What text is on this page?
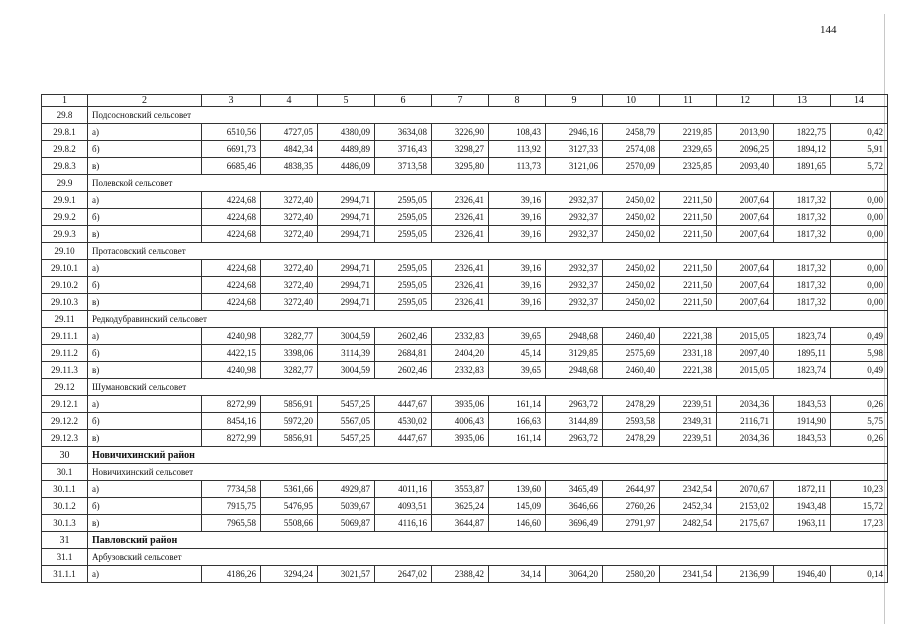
144
1	2	3	4	5	6	7	8	9	10	11	12	13	14
29.8	Подсосновский сельсовет												
29.8.1	а)	6510,56	4727,05	4380,09	3634,08	3226,90	108,43	2946,16	2458,79	2219,85	2013,90	1822,75	0,42
29.8.2	б)	6691,73	4842,34	4489,89	3716,43	3298,27	113,92	3127,33	2574,08	2329,65	2096,25	1894,12	5,91
29.8.3	в)	6685,46	4838,35	4486,09	3713,58	3295,80	113,73	3121,06	2570,09	2325,85	2093,40	1891,65	5,72
29.9	Полевской сельсовет												
29.9.1	а)	4224,68	3272,40	2994,71	2595,05	2326,41	39,16	2932,37	2450,02	2211,50	2007,64	1817,32	0,00
29.9.2	б)	4224,68	3272,40	2994,71	2595,05	2326,41	39,16	2932,37	2450,02	2211,50	2007,64	1817,32	0,00
29.9.3	в)	4224,68	3272,40	2994,71	2595,05	2326,41	39,16	2932,37	2450,02	2211,50	2007,64	1817,32	0,00
29.10	Протасовский сельсовет												
29.10.1	а)	4224,68	3272,40	2994,71	2595,05	2326,41	39,16	2932,37	2450,02	2211,50	2007,64	1817,32	0,00
29.10.2	б)	4224,68	3272,40	2994,71	2595,05	2326,41	39,16	2932,37	2450,02	2211,50	2007,64	1817,32	0,00
29.10.3	в)	4224,68	3272,40	2994,71	2595,05	2326,41	39,16	2932,37	2450,02	2211,50	2007,64	1817,32	0,00
29.11	Редкодубравинский сельсовет												
29.11.1	а)	4240,98	3282,77	3004,59	2602,46	2332,83	39,65	2948,68	2460,40	2221,38	2015,05	1823,74	0,49
29.11.2	б)	4422,15	3398,06	3114,39	2684,81	2404,20	45,14	3129,85	2575,69	2331,18	2097,40	1895,11	5,98
29.11.3	в)	4240,98	3282,77	3004,59	2602,46	2332,83	39,65	2948,68	2460,40	2221,38	2015,05	1823,74	0,49
29.12	Шумановский сельсовет												
29.12.1	а)	8272,99	5856,91	5457,25	4447,67	3935,06	161,14	2963,72	2478,29	2239,51	2034,36	1843,53	0,26
29.12.2	б)	8454,16	5972,20	5567,05	4530,02	4006,43	166,63	3144,89	2593,58	2349,31	2116,71	1914,90	5,75
29.12.3	в)	8272,99	5856,91	5457,25	4447,67	3935,06	161,14	2963,72	2478,29	2239,51	2034,36	1843,53	0,26
30	Новичихинский район												
30.1	Новичихинский сельсовет												
30.1.1	а)	7734,58	5361,66	4929,87	4011,16	3553,87	139,60	3465,49	2644,97	2342,54	2070,67	1872,11	10,23
30.1.2	б)	7915,75	5476,95	5039,67	4093,51	3625,24	145,09	3646,66	2760,26	2452,34	2153,02	1943,48	15,72
30.1.3	в)	7965,58	5508,66	5069,87	4116,16	3644,87	146,60	3696,49	2791,97	2482,54	2175,67	1963,11	17,23
31	Павловский район												
31.1	Арбузовский сельсовет												
31.1.1	а)	4186,26	3294,24	3021,57	2647,02	2388,42	34,14	3064,20	2580,20	2341,54	2136,99	1946,40	0,14
